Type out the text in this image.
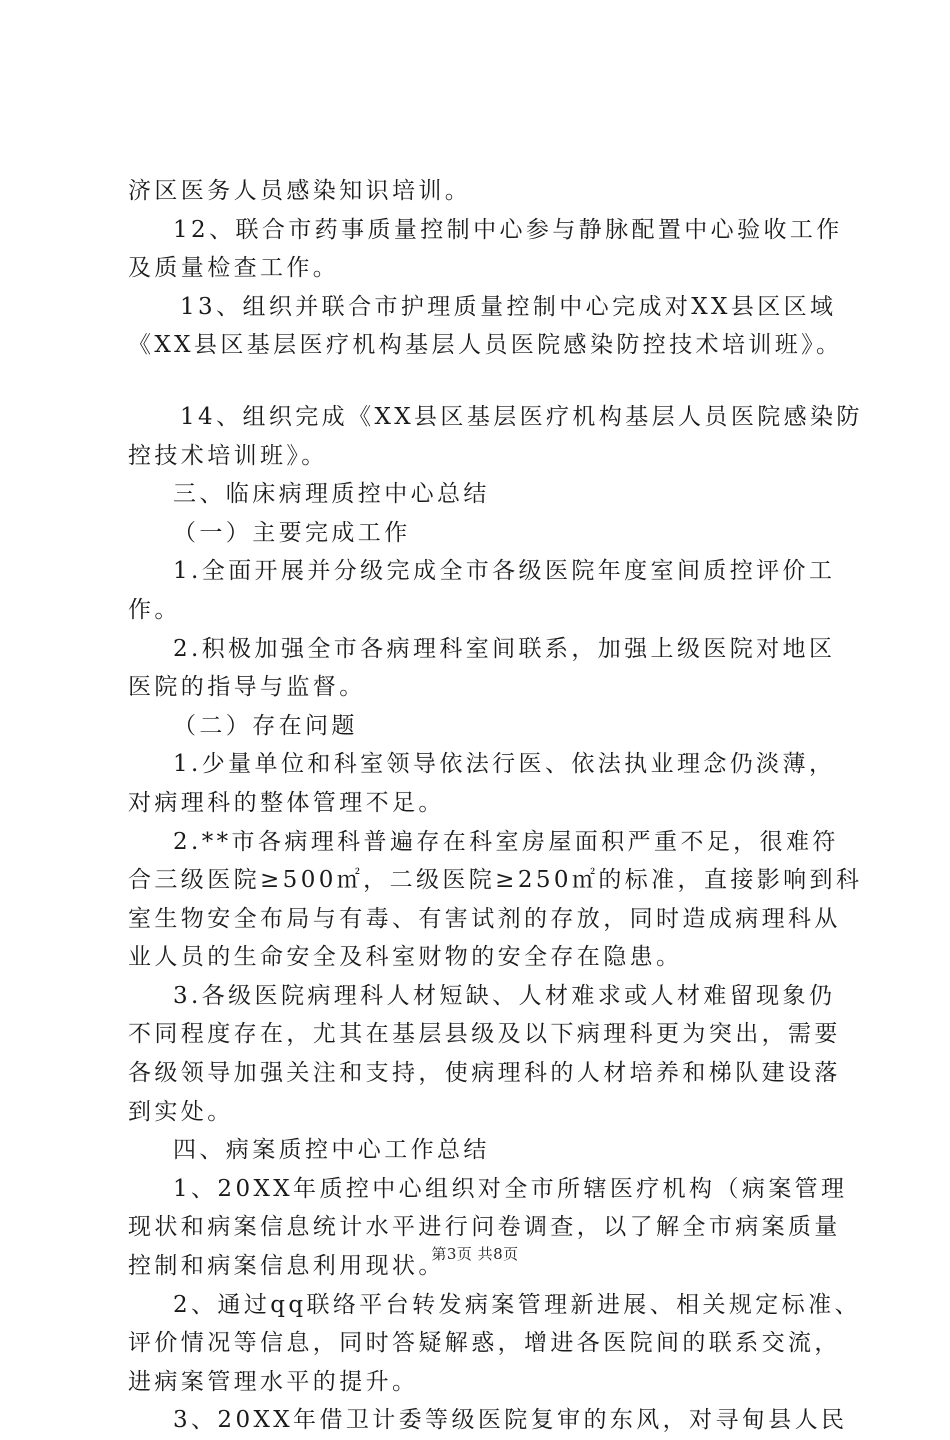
济区医务人员感染知识培训。
12、联合市药事质量控制中心参与静脉配置中心验收工作
及质量检查工作。
13、组织并联合市护理质量控制中心完成对XX县区区域
《XX县区基层医疗机构基层人员医院感染防控技术培训班》。
14、组织完成《XX县区基层医疗机构基层人员医院感染防
控技术培训班》。
三、临床病理质控中心总结
（一）主要完成工作
1.全面开展并分级完成全市各级医院年度室间质控评价工
作。
2.积极加强全市各病理科室间联系，加强上级医院对地区
医院的指导与监督。
（二）存在问题
1.少量单位和科室领导依法行医、依法执业理念仍淡薄，
对病理科的整体管理不足。
2.**市各病理科普遍存在科室房屋面积严重不足，很难符
合三级医院≥500㎡，二级医院≥250㎡的标准，直接影响到科
室生物安全布局与有毒、有害试剂的存放，同时造成病理科从
业人员的生命安全及科室财物的安全存在隐患。
3.各级医院病理科人材短缺、人材难求或人材难留现象仍
不同程度存在，尤其在基层县级及以下病理科更为突出，需要
各级领导加强关注和支持，使病理科的人材培养和梯队建设落
到实处。
四、病案质控中心工作总结
1、20XX年质控中心组织对全市所辖医疗机构（病案管理
现状和病案信息统计水平进行问卷调查，以了解全市病案质量
控制和病案信息利用现状。
2、通过qq联络平台转发病案管理新进展、相关规定标准、
评价情况等信息，同时答疑解惑，增进各医院间的联系交流，
进病案管理水平的提升。
3、20XX年借卫计委等级医院复审的东风，对寻甸县人民
第3页 共8页
